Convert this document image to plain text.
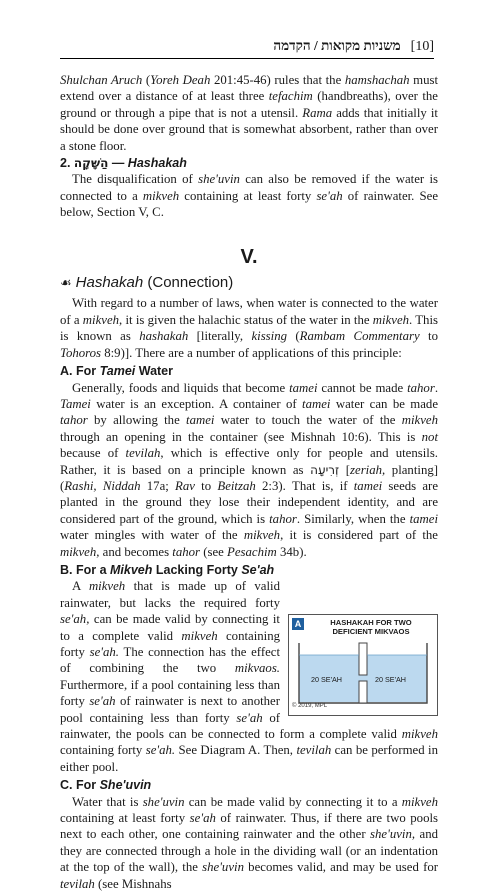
משניות מקואות / הקדמה [10]

Shulchan Aruch (Yoreh Deah 201:45-46) rules that the hamshachah must extend over a distance of at least three tefachim (handbreaths), over the ground or through a pipe that is not a utensil. Rama adds that initially it should be done over ground that is somewhat absorbent, rather than over a stone floor.

2. הַשָּׁקָה — Hashakah

The disqualification of she'uvin can also be removed if the water is connected to a mikveh containing at least forty se'ah of rainwater. See below, Section V, C.

V.
☙ Hashakah (Connection)

With regard to a number of laws, when water is connected to the water of a mikveh, it is given the halachic status of the water in the mikveh. This is known as hashakah [literally, kissing (Rambam Commentary to Tohoros 8:9)]. There are a number of applications of this principle:

A. For Tamei Water

Generally, foods and liquids that become tamei cannot be made tahor. Tamei water is an exception. A container of tamei water can be made tahor by allowing the tamei water to touch the water of the mikveh through an opening in the container (see Mishnah 10:6). This is not because of tevilah, which is effective only for people and utensils. Rather, it is based on a principle known as זְרִיעָה [zeriah, planting] (Rashi, Niddah 17a; Rav to Beitzah 2:3). That is, if tamei seeds are planted in the ground they lose their independent identity, and are considered part of the ground, which is tahor. Similarly, when the tamei water mingles with water of the mikveh, it is considered part of the mikveh, and becomes tahor (see Pesachim 34b).

B. For a Mikveh Lacking Forty Se'ah
A	HASHAKAH FOR TWO
DEFICIENT MIKVAOS
20 SE'AH	20 SE'AH
© 2019, MPL

A mikveh that is made up of valid rainwater, but lacks the required forty se'ah, can be made valid by connecting it to a complete valid mikveh containing forty se'ah. The connection has the effect of combining the two mikvaos. Furthermore, if a pool containing less than forty se'ah of rainwater is next to another pool containing less than forty se'ah of rainwater, the pools can be connected to form a complete valid mikveh containing forty se'ah. See Diagram A. Then, tevilah can be performed in either pool.

C. For She'uvin

Water that is she'uvin can be made valid by connecting it to a mikveh containing at least forty se'ah of rainwater. Thus, if there are two pools next to each other, one containing rainwater and the other she'uvin, and they are connected through a hole in the dividing wall (or an indentation at the top of the wall), the she'uvin becomes valid, and may be used for tevilah (see Mishnahs
